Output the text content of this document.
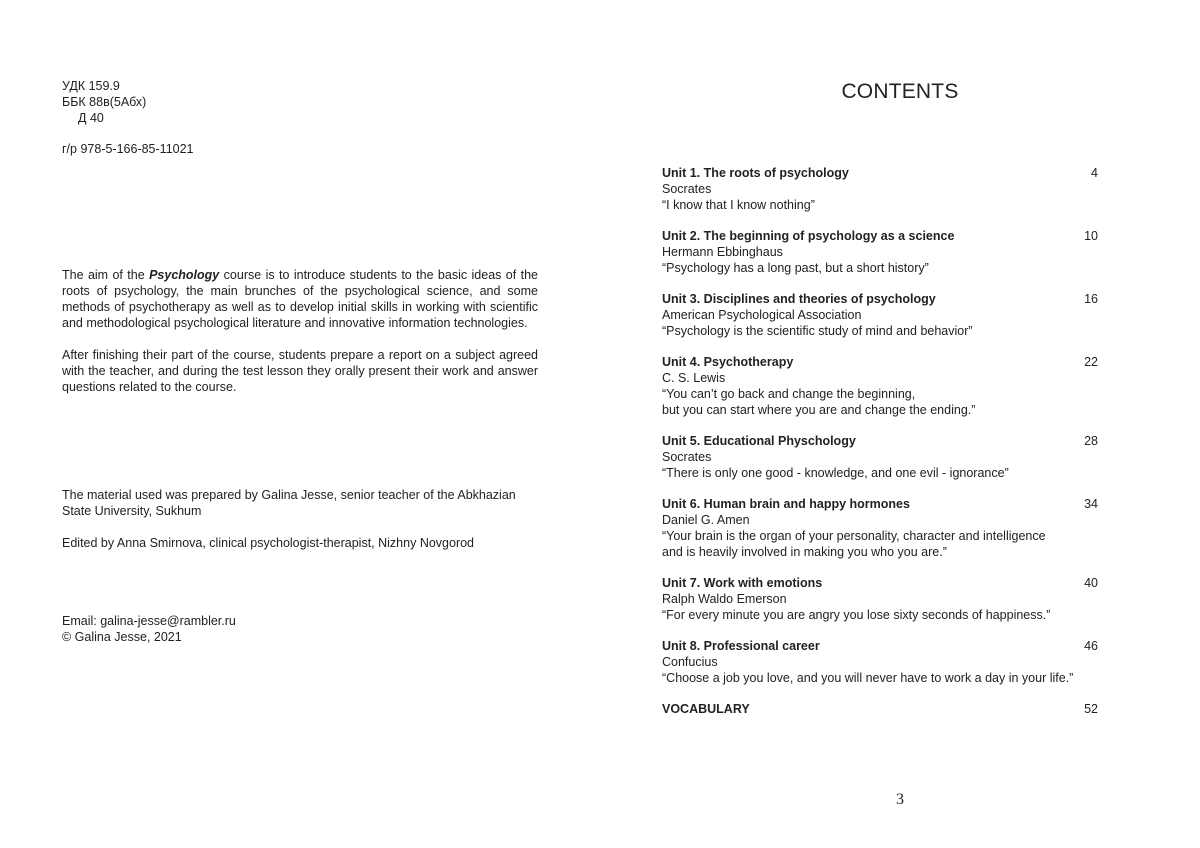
УДК 159.9
ББК 88в(5Абх)
Д 40
г/р 978-5-166-85-11021

The aim of the Psychology course is to introduce students to the basic ideas of the roots of psychology, the main brunches of the psychological science, and some methods of psychotherapy as well as to develop initial skills in working with scientific and methodological psychological literature and innovative information technologies.

After finishing their part of the course, students prepare a report on a subject agreed with the teacher, and during the test lesson they orally present their work and answer questions related to the course.

The material used was prepared by Galina Jesse, senior teacher of the Abkhazian State University, Sukhum

Edited by Anna Smirnova, clinical psychologist-therapist, Nizhny Novgorod

Email: galina-jesse@rambler.ru
© Galina Jesse, 2021
CONTENTS
Unit 1. The roots of psychology	4
Socrates
“I know that I know nothing”
Unit 2. The beginning of psychology as a science	10
Hermann Ebbinghaus
“Psychology has a long past, but a short history”
Unit 3. Disciplines and theories of psychology	16
American Psychological Association
“Psychology is the scientific study of mind and behavior”
Unit 4. Psychotherapy	22
C. S. Lewis
“You can’t go back and change the beginning,
but you can start where you are and change the ending.”
Unit 5. Educational Physchology	28
Socrates
“There is only one good - knowledge, and one evil - ignorance”
Unit 6. Human brain and happy hormones	34
Daniel G. Amen
“Your brain is the organ of your personality, character and intelligence
and is heavily involved in making you who you are.”
Unit 7. Work with emotions	40
Ralph Waldo Emerson
“For every minute you are angry you lose sixty seconds of happiness.”
Unit 8. Professional career	46
Confucius
“Choose a job you love, and you will never have to work a day in your life.”
VOCABULARY	52
3
